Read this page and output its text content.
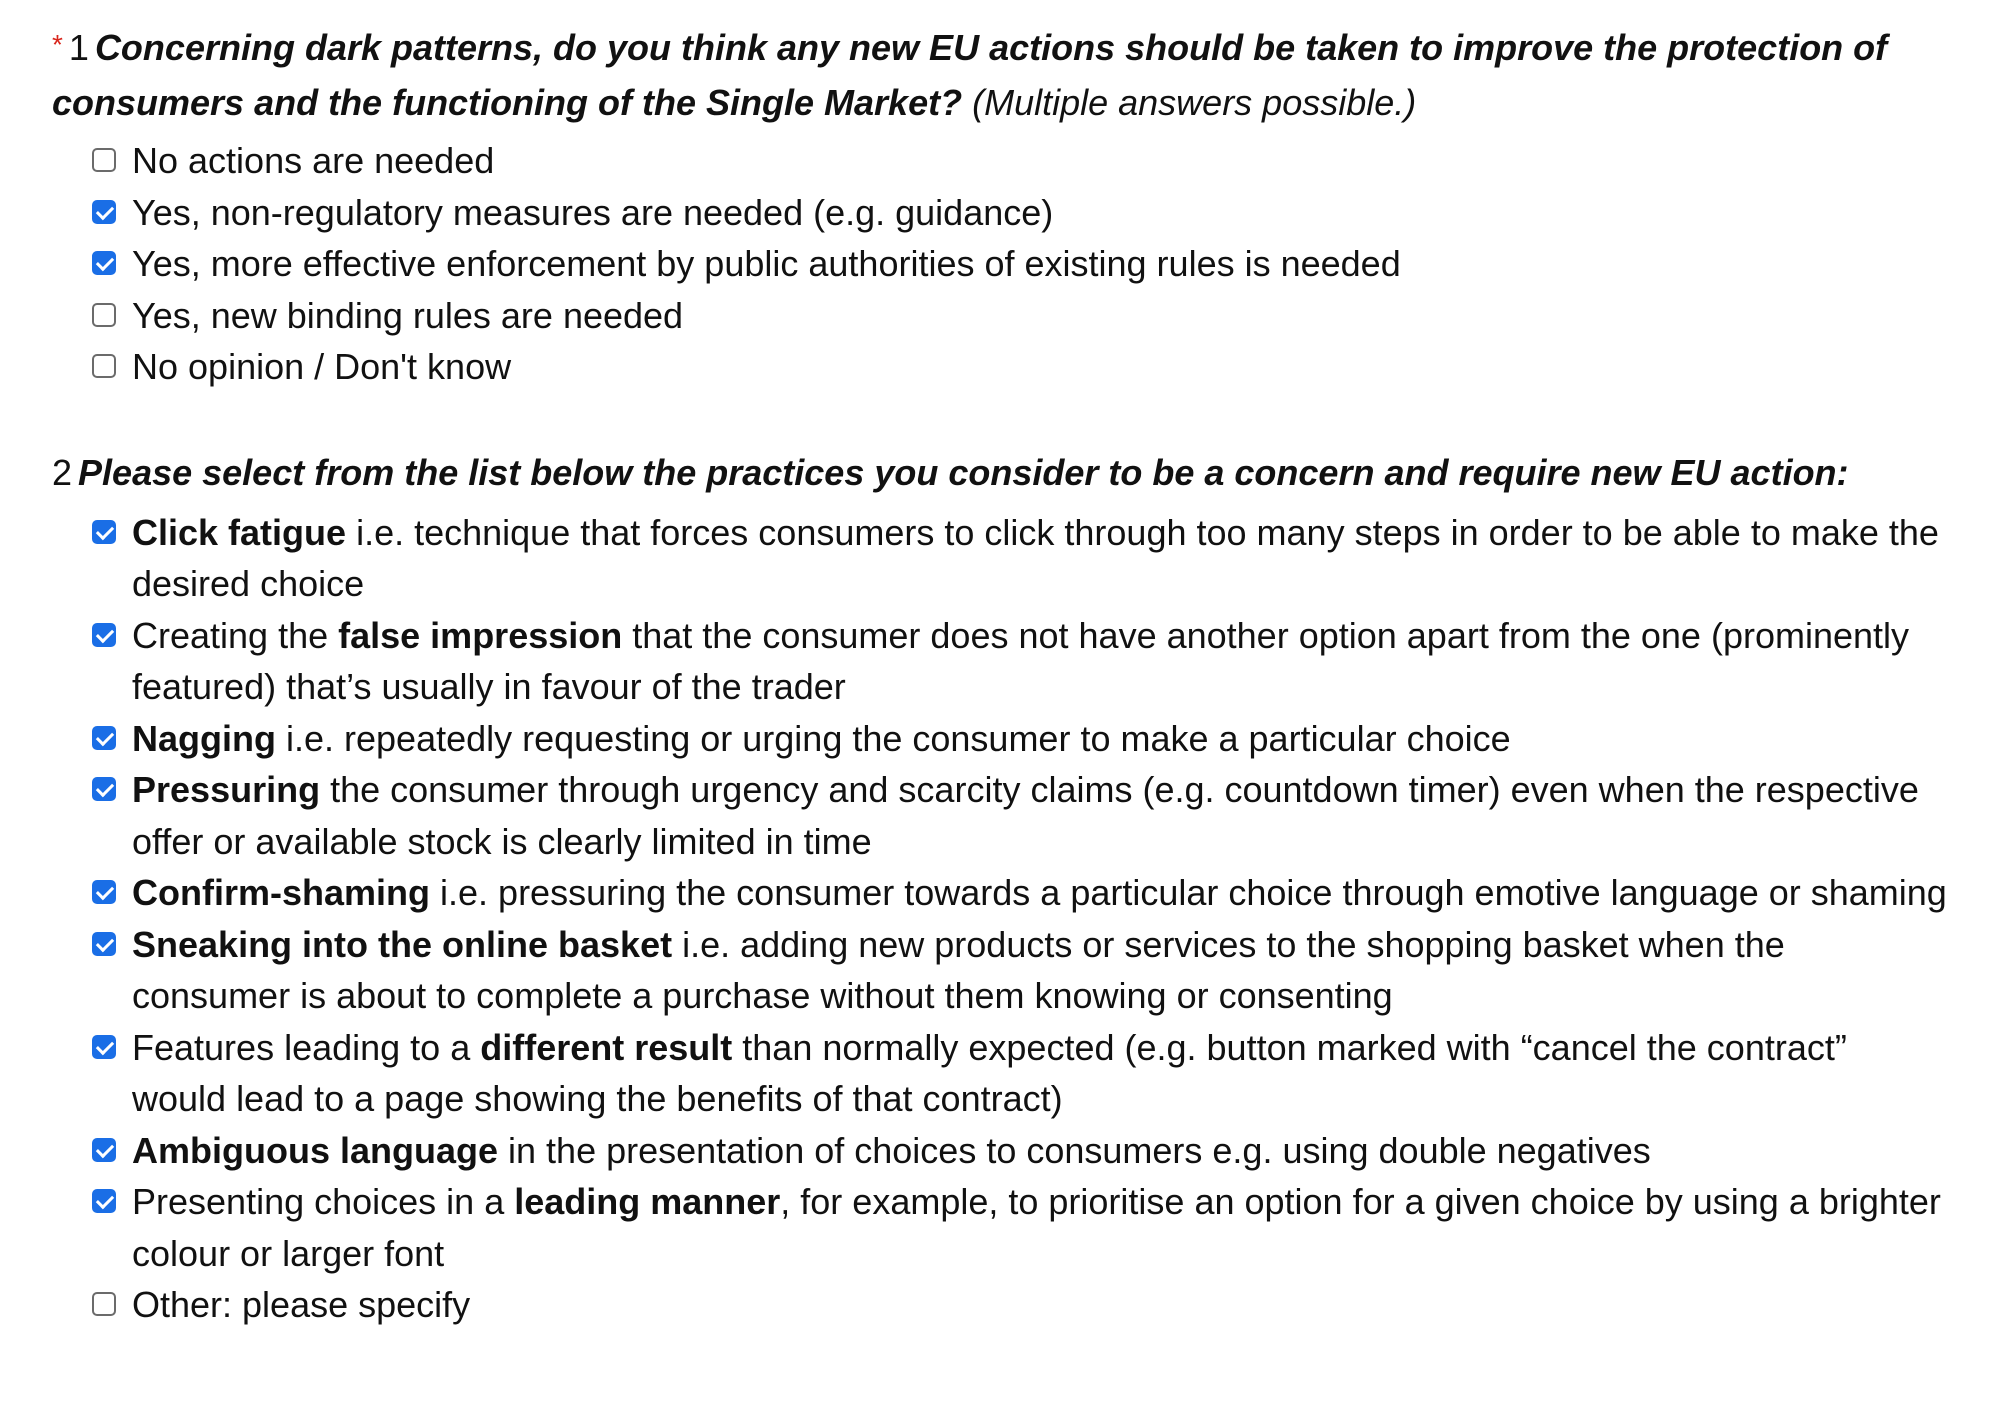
* 1 Concerning dark patterns, do you think any new EU actions should be taken to improve the protection of consumers and the functioning of the Single Market? (Multiple answers possible.)
No actions are needed
Yes, non-regulatory measures are needed (e.g. guidance)
Yes, more effective enforcement by public authorities of existing rules is needed
Yes, new binding rules are needed
No opinion / Don't know
2 Please select from the list below the practices you consider to be a concern and require new EU action:
Click fatigue i.e. technique that forces consumers to click through too many steps in order to be able to make the desired choice
Creating the false impression that the consumer does not have another option apart from the one (prominently featured) that’s usually in favour of the trader
Nagging i.e. repeatedly requesting or urging the consumer to make a particular choice
Pressuring the consumer through urgency and scarcity claims (e.g. countdown timer) even when the respective offer or available stock is clearly limited in time
Confirm-shaming i.e. pressuring the consumer towards a particular choice through emotive language or shaming
Sneaking into the online basket i.e. adding new products or services to the shopping basket when the consumer is about to complete a purchase without them knowing or consenting
Features leading to a different result than normally expected (e.g. button marked with “cancel the contract” would lead to a page showing the benefits of that contract)
Ambiguous language in the presentation of choices to consumers e.g. using double negatives
Presenting choices in a leading manner, for example, to prioritise an option for a given choice by using a brighter colour or larger font
Other: please specify
